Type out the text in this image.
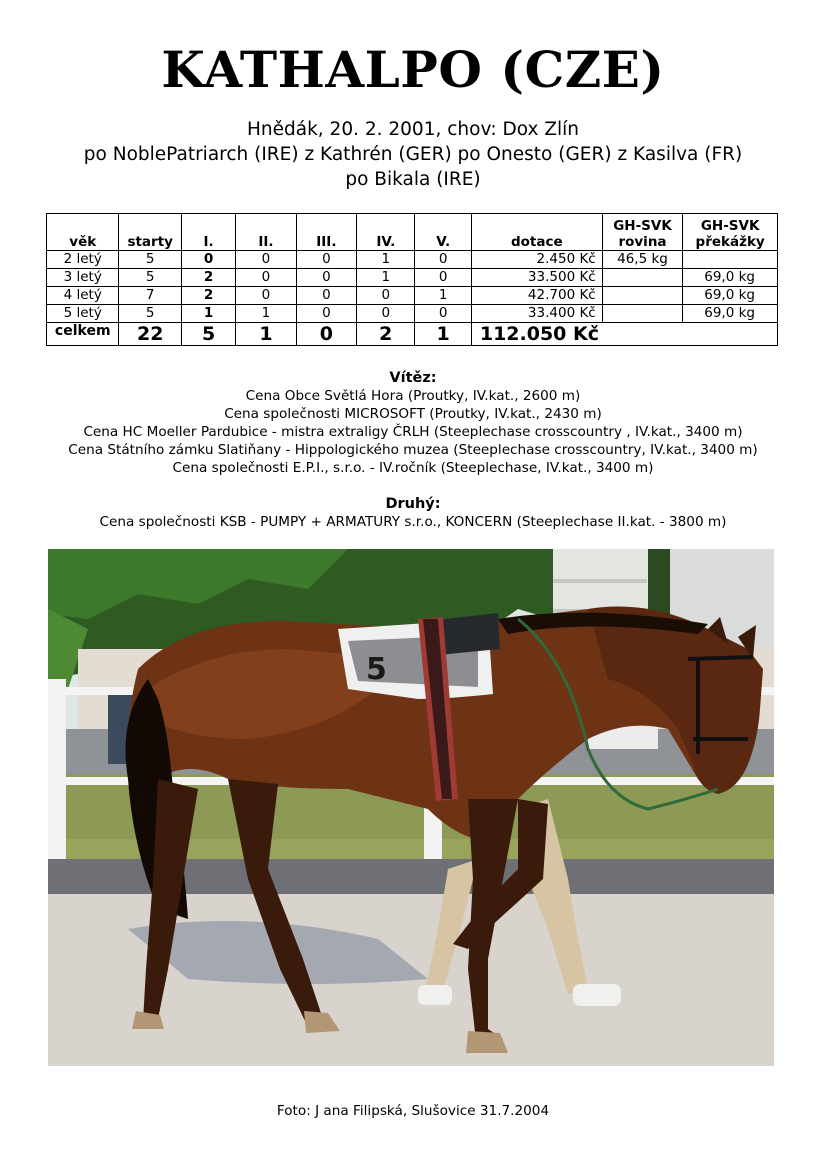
KATHALPO (CZE)
Hnědák, 20. 2. 2001, chov: Dox Zlín
po NoblePatriarch (IRE) z Kathrén (GER) po Onesto (GER) z Kasilva (FR)
po Bikala (IRE)
věk	starty	I.	II.	III.	IV.	V.	dotace	GH-SVK rovina	GH-SVK překážky
2 letý	5	0	0	0	1	0	2.450 Kč	46,5 kg	
3 letý	5	2	0	0	1	0	33.500 Kč		69,0 kg
4 letý	7	2	0	0	0	1	42.700 Kč		69,0 kg
5 letý	5	1	1	0	0	0	33.400 Kč		69,0 kg
celkem	22	5	1	0	2	1	112.050 Kč		
Vítěz:
Cena Obce Světlá Hora (Proutky, IV.kat., 2600 m)
Cena společnosti MICROSOFT (Proutky, IV.kat., 2430 m)
Cena HC Moeller Pardubice - mistra extraligy ČRLH (Steeplechase crosscountry , IV.kat., 3400 m)
Cena Státního zámku Slatiňany - Hippologického muzea (Steeplechase crosscountry, IV.kat., 3400 m)
Cena společnosti E.P.I., s.r.o. - IV.ročník (Steeplechase, IV.kat., 3400 m)
Druhý:
Cena společnosti KSB - PUMPY + ARMATURY s.r.o., KONCERN (Steeplechase II.kat. - 3800 m)
5
Foto: J ana Filipská, Slušovice 31.7.2004
